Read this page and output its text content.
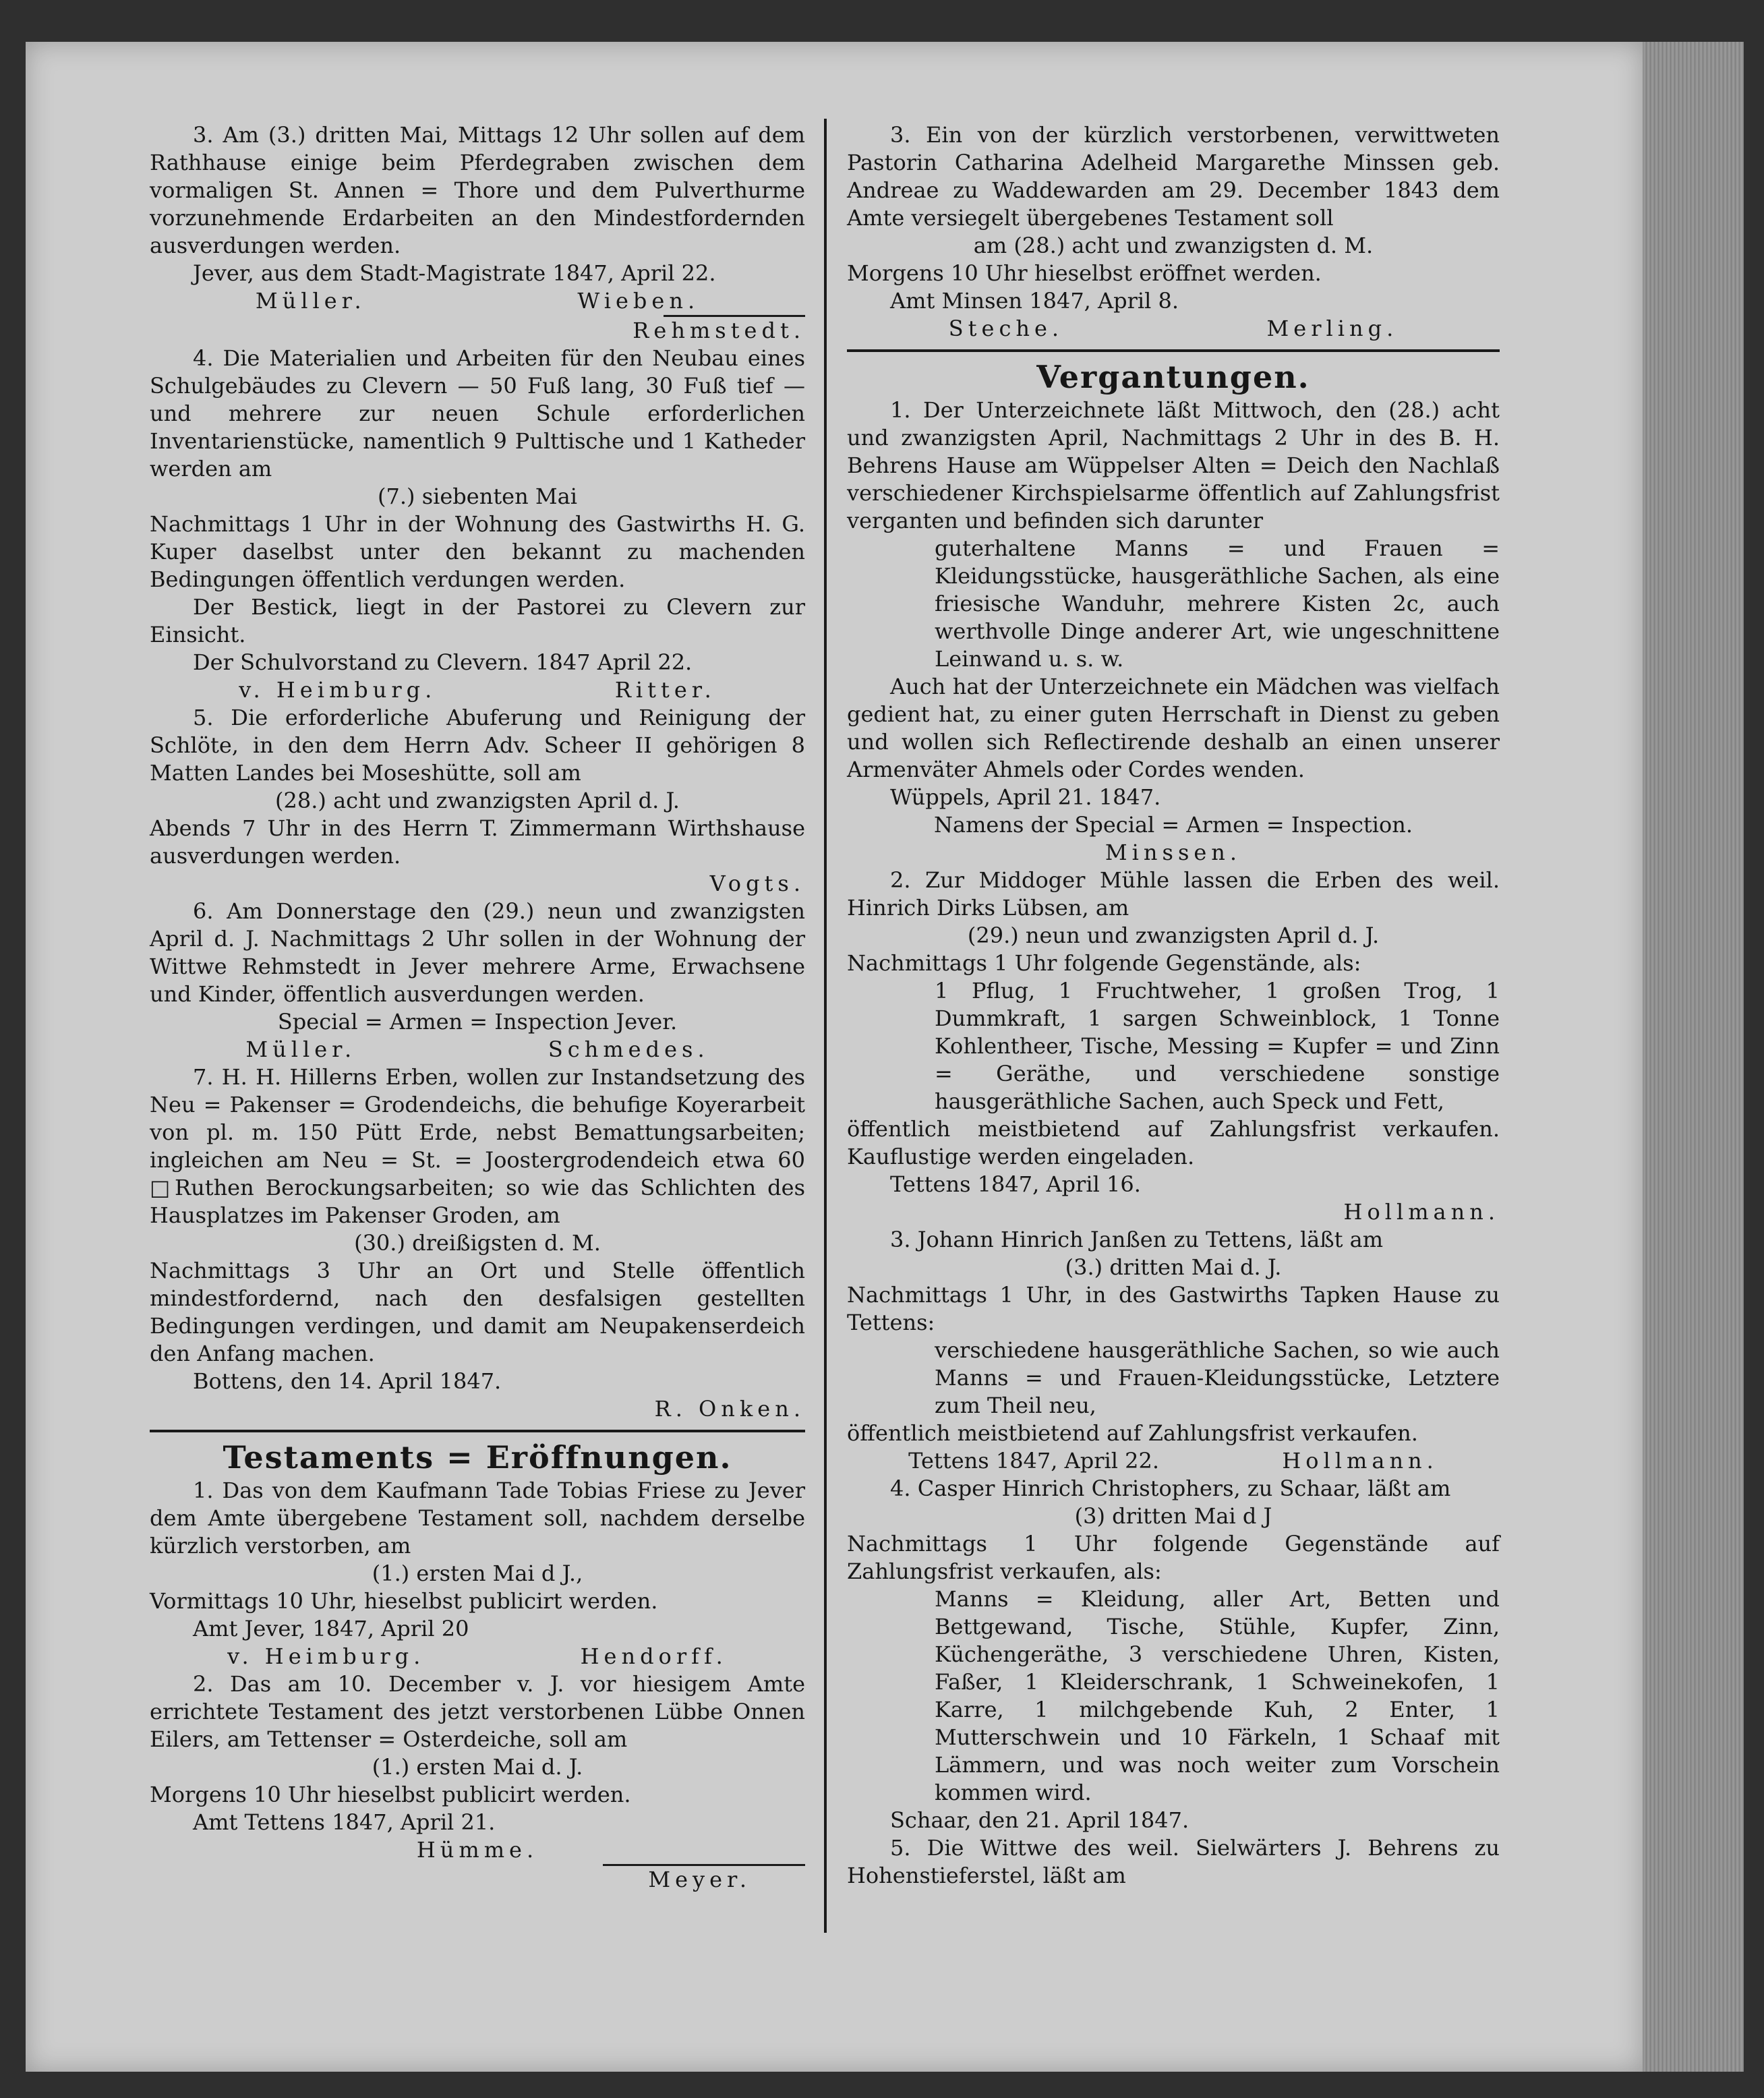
3. Am (3.) dritten Mai, Mittags 12 Uhr sollen auf dem Rathhause einige beim Pferdegraben zwischen dem vormaligen St. Annen = Thore und dem Pulverthurme vorzunehmende Erdarbeiten an den Mindestfordernden ausverdungen werden.

Jever, aus dem Stadt-Magistrate 1847, April 22.

Müller.	Wieben.

Rehmstedt.

4. Die Materialien und Arbeiten für den Neubau eines Schulgebäudes zu Clevern — 50 Fuß lang, 30 Fuß tief — und mehrere zur neuen Schule erforderlichen Inventarienstücke, namentlich 9 Pulttische und 1 Katheder werden am

(7.) siebenten Mai

Nachmittags 1 Uhr in der Wohnung des Gastwirths H. G. Kuper daselbst unter den bekannt zu machenden Bedingungen öffentlich verdungen werden.

Der Bestick, liegt in der Pastorei zu Clevern zur Einsicht.

Der Schulvorstand zu Clevern. 1847 April 22.

v. Heimburg.	Ritter.

5. Die erforderliche Abuferung und Reinigung der Schlöte, in den dem Herrn Adv. Scheer II gehörigen 8 Matten Landes bei Moseshütte, soll am

(28.) acht und zwanzigsten April d. J.

Abends 7 Uhr in des Herrn T. Zimmermann Wirthshause ausverdungen werden.

Vogts.

6. Am Donnerstage den (29.) neun und zwanzigsten April d. J. Nachmittags 2 Uhr sollen in der Wohnung der Wittwe Rehmstedt in Jever mehrere Arme, Erwachsene und Kinder, öffentlich ausverdungen werden.

Special = Armen = Inspection Jever.

Müller.	Schmedes.

7. H. H. Hillerns Erben, wollen zur Instandsetzung des Neu = Pakenser = Grodendeichs, die behufige Koyerarbeit von pl. m. 150 Pütt Erde, nebst Bemattungsarbeiten; ingleichen am Neu = St. = Joostergrodendeich etwa 60 □Ruthen Berockungsarbeiten; so wie das Schlichten des Hausplatzes im Pakenser Groden, am

(30.) dreißigsten d. M.

Nachmittags 3 Uhr an Ort und Stelle öffentlich mindestfordernd, nach den desfalsigen gestellten Bedingungen verdingen, und damit am Neupakenserdeich den Anfang machen.

Bottens, den 14. April 1847.

R. Onken.

Testaments = Eröffnungen.

1. Das von dem Kaufmann Tade Tobias Friese zu Jever dem Amte übergebene Testament soll, nachdem derselbe kürzlich verstorben, am

(1.) ersten Mai d J.,

Vormittags 10 Uhr, hieselbst publicirt werden.

Amt Jever, 1847, April 20

v. Heimburg.	Hendorff.

2. Das am 10. December v. J. vor hiesigem Amte errichtete Testament des jetzt verstorbenen Lübbe Onnen Eilers, am Tettenser = Osterdeiche, soll am

(1.) ersten Mai d. J.

Morgens 10 Uhr hieselbst publicirt werden.

Amt Tettens 1847, April 21.

Hümme.

Meyer.

3. Ein von der kürzlich verstorbenen, verwittweten Pastorin Catharina Adelheid Margarethe Minssen geb. Andreae zu Waddewarden am 29. December 1843 dem Amte versiegelt übergebenes Testament soll

am (28.) acht und zwanzigsten d. M.

Morgens 10 Uhr hieselbst eröffnet werden.

Amt Minsen 1847, April 8.

Steche.	Merling.

Vergantungen.

1. Der Unterzeichnete läßt Mittwoch, den (28.) acht und zwanzigsten April, Nachmittags 2 Uhr in des B. H. Behrens Hause am Wüppelser Alten = Deich den Nachlaß verschiedener Kirchspielsarme öffentlich auf Zahlungsfrist verganten und befinden sich darunter

guterhaltene Manns = und Frauen = Kleidungsstücke, hausgeräthliche Sachen, als eine friesische Wanduhr, mehrere Kisten 2c, auch werthvolle Dinge anderer Art, wie ungeschnittene Leinwand u. s. w.

Auch hat der Unterzeichnete ein Mädchen was vielfach gedient hat, zu einer guten Herrschaft in Dienst zu geben und wollen sich Reflectirende deshalb an einen unserer Armenväter Ahmels oder Cordes wenden.

Wüppels, April 21. 1847.

Namens der Special = Armen = Inspection.

Minssen.

2. Zur Middoger Mühle lassen die Erben des weil. Hinrich Dirks Lübsen, am

(29.) neun und zwanzigsten April d. J.

Nachmittags 1 Uhr folgende Gegenstände, als:

1 Pflug, 1 Fruchtweher, 1 großen Trog, 1 Dummkraft, 1 sargen Schweinblock, 1 Tonne Kohlentheer, Tische, Messing = Kupfer = und Zinn = Geräthe, und verschiedene sonstige hausgeräthliche Sachen, auch Speck und Fett,

öffentlich meistbietend auf Zahlungsfrist verkaufen. Kauflustige werden eingeladen.

Tettens 1847, April 16.

Hollmann.

3. Johann Hinrich Janßen zu Tettens, läßt am

(3.) dritten Mai d. J.

Nachmittags 1 Uhr, in des Gastwirths Tapken Hause zu Tettens:

verschiedene hausgeräthliche Sachen, so wie auch Manns = und Frauen-Kleidungsstücke, Letztere zum Theil neu,

öffentlich meistbietend auf Zahlungsfrist verkaufen.

Tettens 1847, April 22.	Hollmann.

4. Casper Hinrich Christophers, zu Schaar, läßt am

(3) dritten Mai d J

Nachmittags 1 Uhr folgende Gegenstände auf Zahlungsfrist verkaufen, als:

Manns = Kleidung, aller Art, Betten und Bettgewand, Tische, Stühle, Kupfer, Zinn, Küchengeräthe, 3 verschiedene Uhren, Kisten, Faßer, 1 Kleiderschrank, 1 Schweinekofen, 1 Karre, 1 milchgebende Kuh, 2 Enter, 1 Mutterschwein und 10 Färkeln, 1 Schaaf mit Lämmern, und was noch weiter zum Vorschein kommen wird.

Schaar, den 21. April 1847.

5. Die Wittwe des weil. Sielwärters J. Behrens zu Hohenstieferstel, läßt am
